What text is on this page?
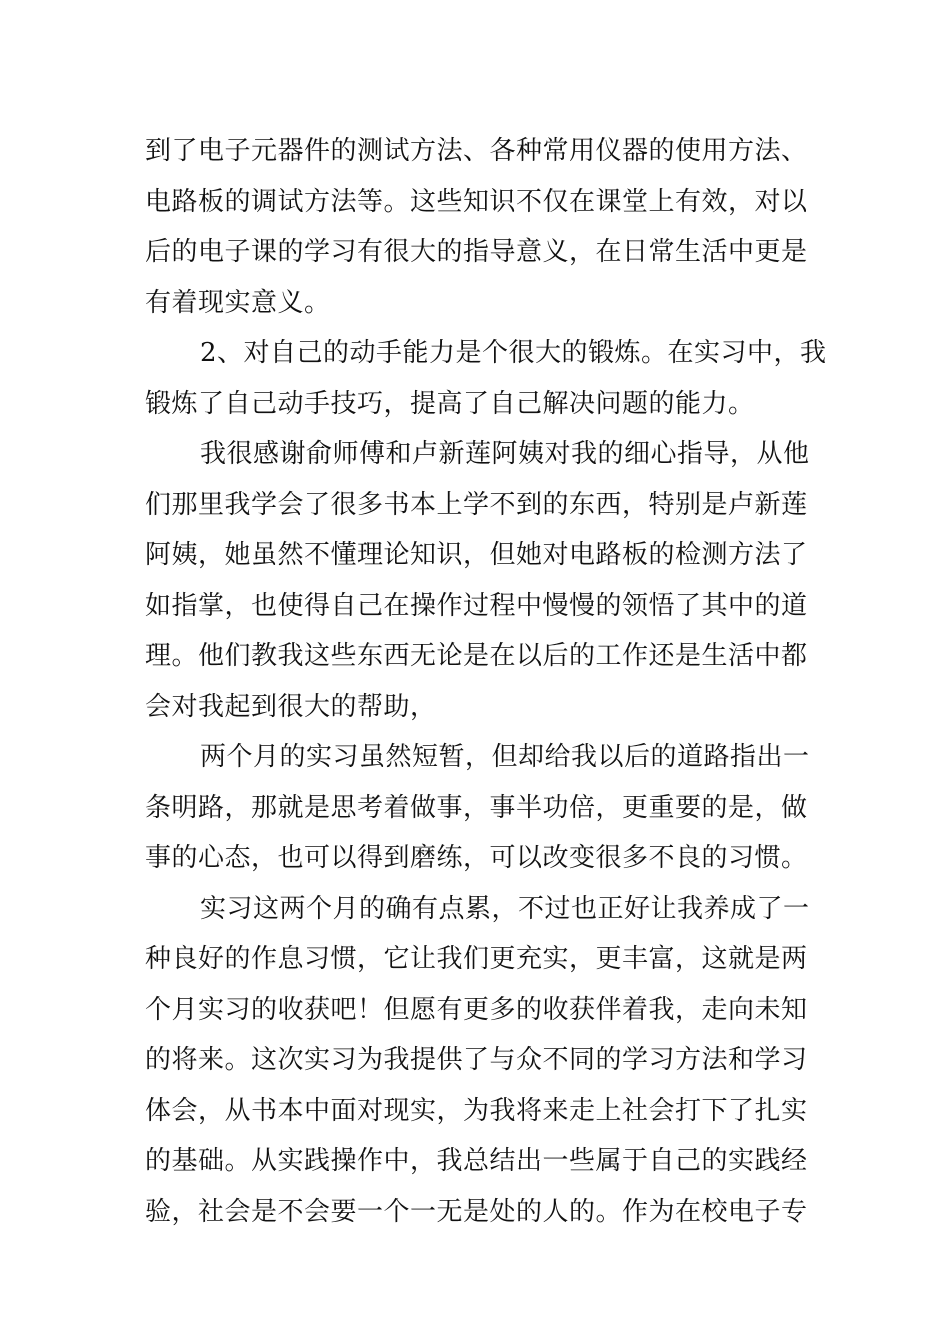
到了电子元器件的测试方法、各种常用仪器的使用方法、
电路板的调试方法等。这些知识不仅在课堂上有效，对以
后的电子课的学习有很大的指导意义，在日常生活中更是
有着现实意义。
2、对自己的动手能力是个很大的锻炼。在实习中，我
锻炼了自己动手技巧，提高了自己解决问题的能力。
我很感谢俞师傅和卢新莲阿姨对我的细心指导，从他
们那里我学会了很多书本上学不到的东西，特别是卢新莲
阿姨，她虽然不懂理论知识，但她对电路板的检测方法了
如指掌，也使得自己在操作过程中慢慢的领悟了其中的道
理。他们教我这些东西无论是在以后的工作还是生活中都
会对我起到很大的帮助，
两个月的实习虽然短暂，但却给我以后的道路指出一
条明路，那就是思考着做事，事半功倍，更重要的是，做
事的心态，也可以得到磨练，可以改变很多不良的习惯。
实习这两个月的确有点累，不过也正好让我养成了一
种良好的作息习惯，它让我们更充实，更丰富，这就是两
个月实习的收获吧！但愿有更多的收获伴着我，走向未知
的将来。这次实习为我提供了与众不同的学习方法和学习
体会，从书本中面对现实，为我将来走上社会打下了扎实
的基础。从实践操作中，我总结出一些属于自己的实践经
验，社会是不会要一个一无是处的人的。作为在校电子专
